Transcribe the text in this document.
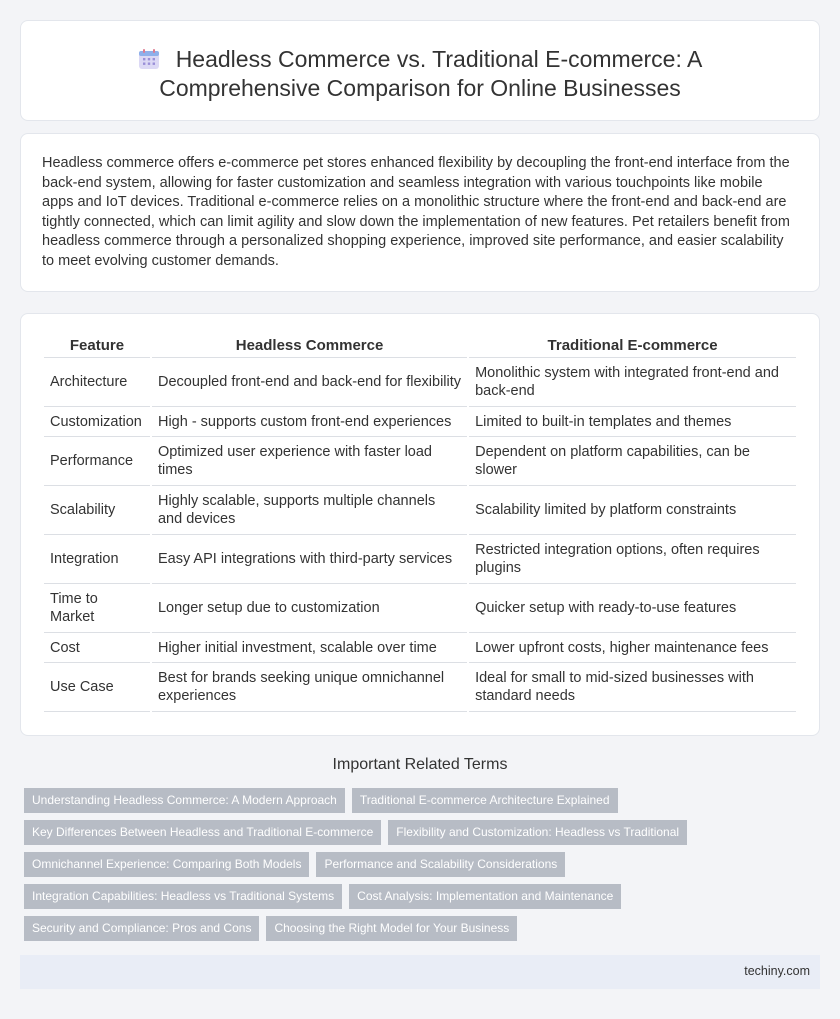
Headless Commerce vs. Traditional E-commerce: A Comprehensive Comparison for Online Businesses

Headless commerce offers e-commerce pet stores enhanced flexibility by decoupling the front-end interface from the back-end system, allowing for faster customization and seamless integration with various touchpoints like mobile apps and IoT devices. Traditional e-commerce relies on a monolithic structure where the front-end and back-end are tightly connected, which can limit agility and slow down the implementation of new features. Pet retailers benefit from headless commerce through a personalized shopping experience, improved site performance, and easier scalability to meet evolving customer demands.

Feature	Headless Commerce	Traditional E-commerce
Architecture	Decoupled front-end and back-end for flexibility	Monolithic system with integrated front-end and back-end
Customization	High - supports custom front-end experiences	Limited to built-in templates and themes
Performance	Optimized user experience with faster load times	Dependent on platform capabilities, can be slower
Scalability	Highly scalable, supports multiple channels and devices	Scalability limited by platform constraints
Integration	Easy API integrations with third-party services	Restricted integration options, often requires plugins
Time to Market	Longer setup due to customization	Quicker setup with ready-to-use features
Cost	Higher initial investment, scalable over time	Lower upfront costs, higher maintenance fees
Use Case	Best for brands seeking unique omnichannel experiences	Ideal for small to mid-sized businesses with standard needs
Important Related Terms
Understanding Headless Commerce: A Modern Approach	Traditional E-commerce Architecture Explained
Key Differences Between Headless and Traditional E-commerce	Flexibility and Customization: Headless vs Traditional
Omnichannel Experience: Comparing Both Models	Performance and Scalability Considerations
Integration Capabilities: Headless vs Traditional Systems	Cost Analysis: Implementation and Maintenance
Security and Compliance: Pros and Cons	Choosing the Right Model for Your Business
techiny.com
